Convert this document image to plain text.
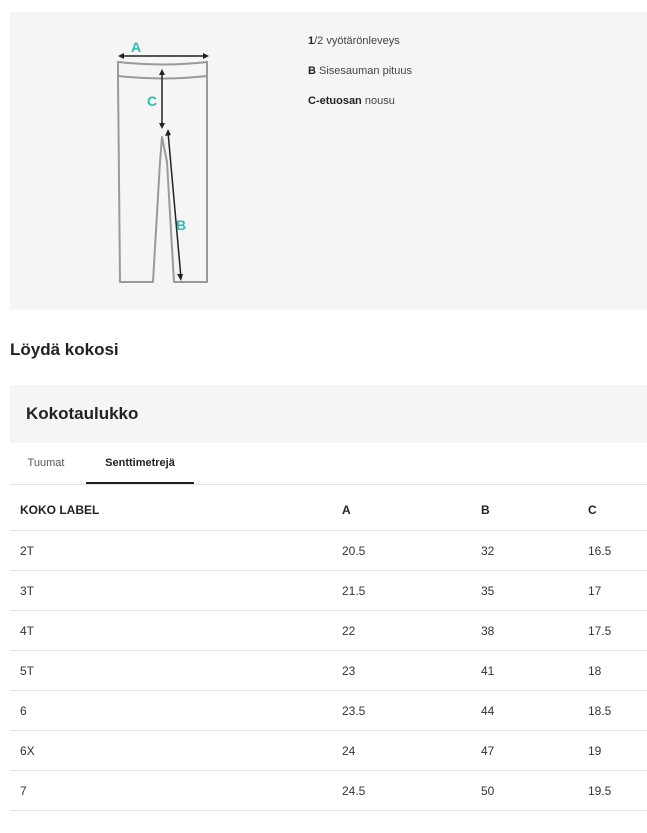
A
C
B
1/2 vyötärönleveys
B Sisesauman pituus
C-etuosan nousu
Löydä kokosi
Kokotaulukko
Tuumat	Senttimetrejä
KOKO LABEL	A	B	C
2T	20.5	32	16.5
3T	21.5	35	17
4T	22	38	17.5
5T	23	41	18
6	23.5	44	18.5
6X	24	47	19
7	24.5	50	19.5
